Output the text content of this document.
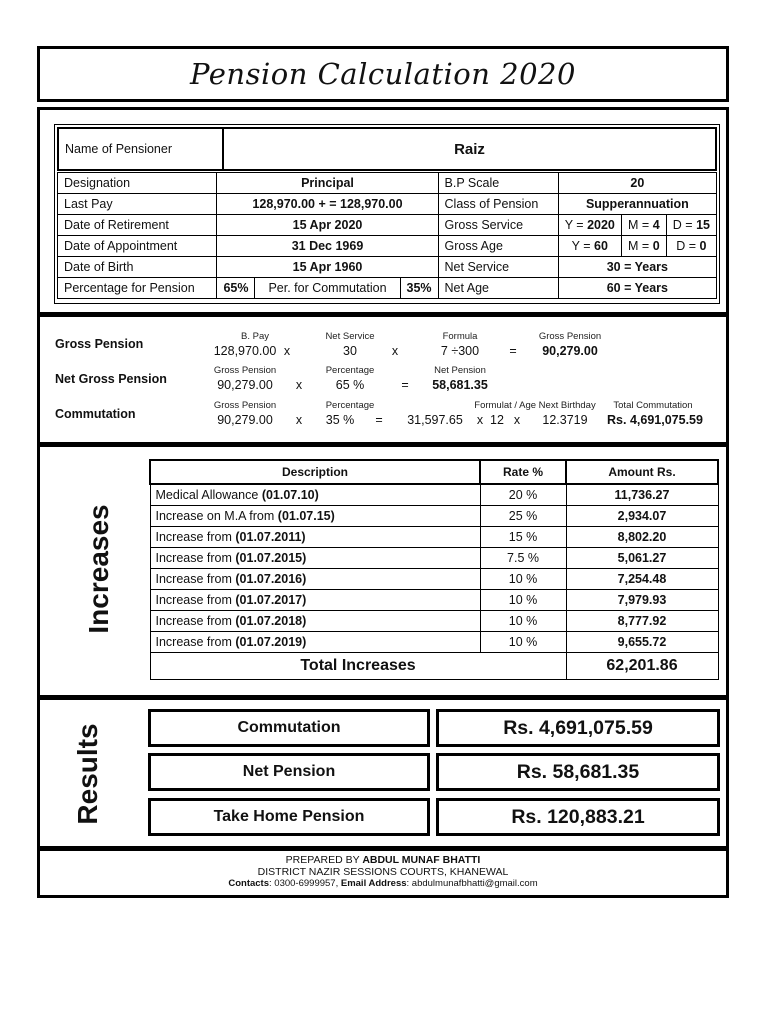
Pension Calculation 2020
Name of Pensioner	Raiz
Designation	Principal			B.P Scale	20		
Last Pay	128,970.00 + = 128,970.00			Class of Pension	Supperannuation		
Date of Retirement	15 Apr 2020			Gross Service	Y = 2020	M = 4	D = 15
Date of Appointment	31 Dec 1969			Gross Age	Y = 60	M = 0	D = 0
Date of Birth	15 Apr 1960			Net Service	30 = Years		
Percentage for Pension	65%	Per. for Commutation	35%	Net Age	60 = Years		
Gross Pension
B. Pay	Net Service	Formula	Gross Pension
128,970.00 x	30	x	7 ÷300	=	90,279.00
Net Gross Pension
Gross Pension	Percentage	Net Pension
90,279.00	x	65 %	=	58,681.35
Commutation
Gross Pension	Percentage	Formulat / Age Next Birthday	Total Commutation
90,279.00	x	35 %	=	31,597.65	x 12 x	12.3719	Rs. 4,691,075.59
Increases
Description	Rate %	Amount Rs.
Medical Allowance (01.07.10)	20 %	11,736.27
Increase on M.A from (01.07.15)	25 %	2,934.07
Increase from (01.07.2011)	15 %	8,802.20
Increase from (01.07.2015)	7.5 %	5,061.27
Increase from (01.07.2016)	10 %	7,254.48
Increase from (01.07.2017)	10 %	7,979.93
Increase from (01.07.2018)	10 %	8,777.92
Increase from (01.07.2019)	10 %	9,655.72
Total Increases		62,201.86
Results	Commutation	Rs. 4,691,075.59
Net Pension	Rs. 58,681.35
Take Home Pension	Rs. 120,883.21
PREPARED BY ABDUL MUNAF BHATTI
DISTRICT NAZIR SESSIONS COURTS, KHANEWAL
Contacts: 0300-6999957, Email Address: abdulmunafbhatti@gmail.com
